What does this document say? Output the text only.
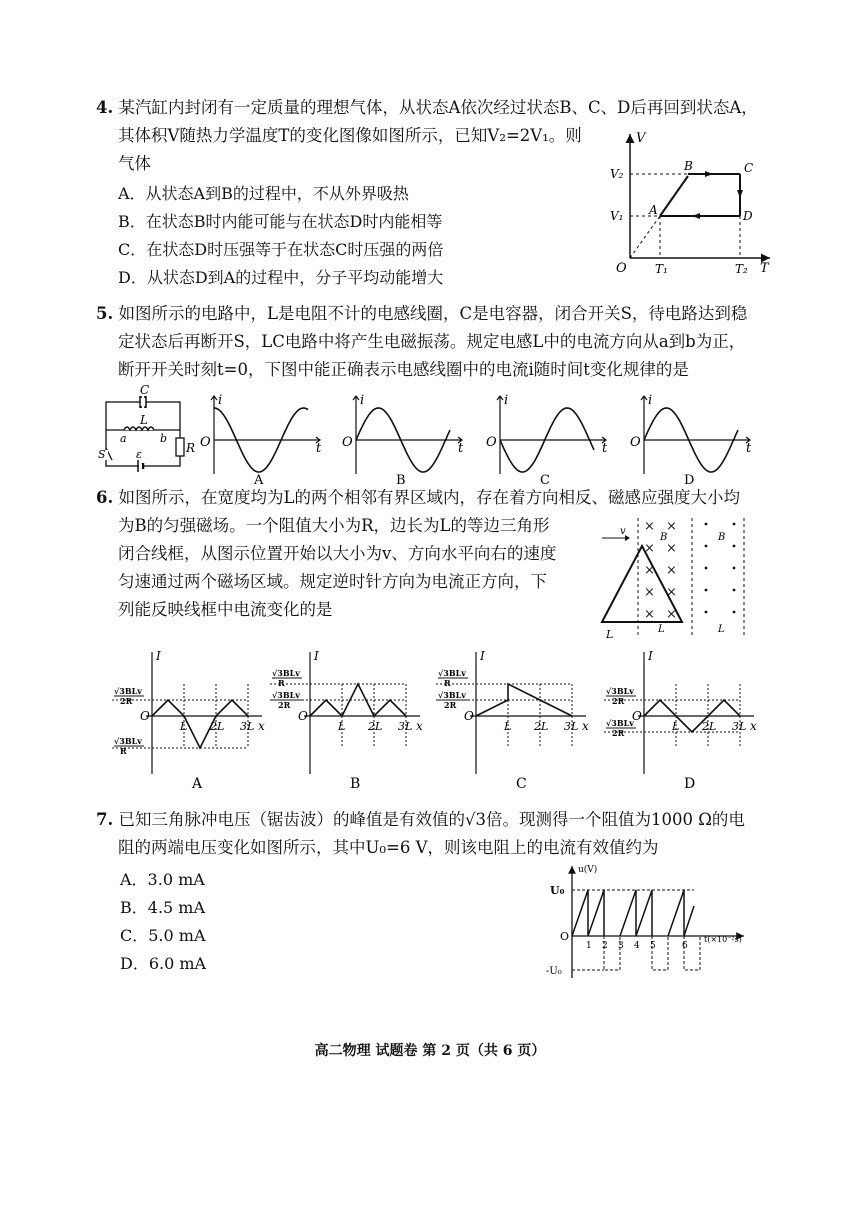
4. 某汽缸内封闭有一定质量的理想气体，从状态A依次经过状态B、C、D后再回到状态A，
其体积V随热力学温度T的变化图像如图所示，已知V₂=2V₁。则
气体
A．从状态A到B的过程中，不从外界吸热
B．在状态B时内能可能与在状态D时内能相等
C．在状态D时压强等于在状态C时压强的两倍
D．从状态D到A的过程中，分子平均动能增大
V
T
O
V₂
V₁
T₁	T₂
A
B	C
D
5. 如图所示的电路中，L是电阻不计的电感线圈，C是电容器，闭合开关S，待电路达到稳
定状态后再断开S，LC电路中将产生电磁振荡。规定电感L中的电流方向从a到b为正，
断开开关时刻t=0，下图中能正确表示电感线圈中的电流i随时间t变化规律的是
C
L
a	b
R
S	ε
i
t
O
A
i
t
O
B
i
t
O
C
i
t
O
D
6. 如图所示，在宽度均为L的两个相邻有界区域内，存在着方向相反、磁感应强度大小均
为B的匀强磁场。一个阻值大小为R，边长为L的等边三角形
闭合线框，从图示位置开始以大小为v、方向水平向右的速度
匀速通过两个磁场区域。规定逆时针方向为电流正方向，下
列能反映线框中电流变化的是
v
L
× ×
× ×
× ×
× ×
× ×
B	B
L	L
√3BLv
2R
√3BLv
R
I
x
O
L 2L 3L
A
√3BLv
R
√3BLv
2R
I
x
O
L 2L 3L
B
√3BLv
R
√3BLv
2R
I
x
O
L 2L 3L
C
√3BLv
2R
√3BLv
2R
I
x
O
L 2L 3L
D
7. 已知三角脉冲电压（锯齿波）的峰值是有效值的√3倍。现测得一个阻值为1000 Ω的电
阻的两端电压变化如图所示，其中U₀=6 V，则该电阻上的电流有效值约为
A．3.0 mA
B．4.5 mA
C．5.0 mA
D．6.0 mA
u(V)
U₀
O
-U₀
t(×10⁻²s)
1 2 3 4 5	6
高二物理 试题卷 第 2 页（共 6 页）
